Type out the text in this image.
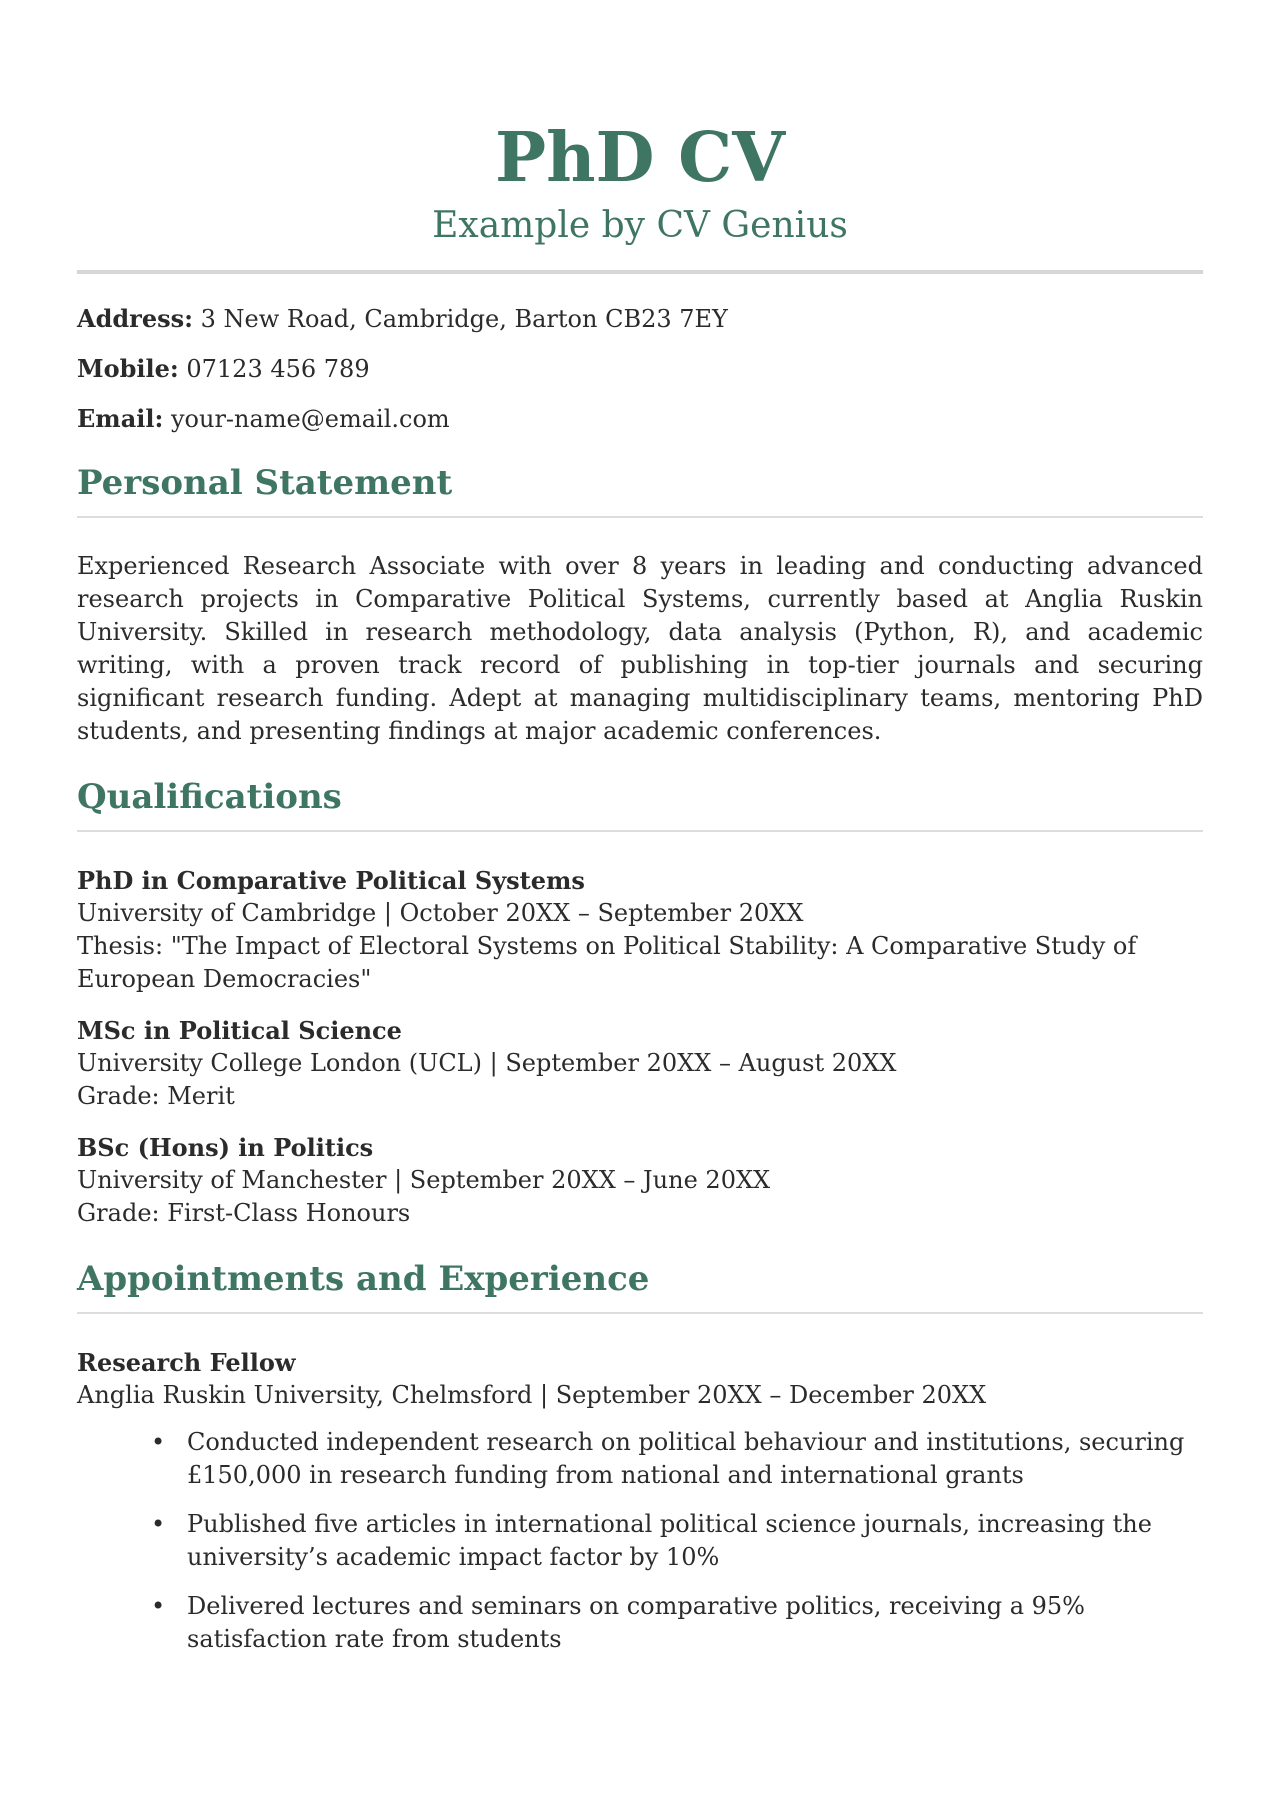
PhD CV
Example by CV Genius

Address: 3 New Road, Cambridge, Barton CB23 7EY

Mobile: 07123 456 789

Email: your-name@email.com

Personal Statement

Experienced Research Associate with over 8 years in leading and conducting advanced research projects in Comparative Political Systems, currently based at Anglia Ruskin University. Skilled in research methodology, data analysis (Python, R), and academic writing, with a proven track record of publishing in top-tier journals and securing significant research funding. Adept at managing multidisciplinary teams, mentoring PhD students, and presenting findings at major academic conferences.

Qualifications
PhD in Comparative Political Systems
University of Cambridge | October 20XX – September 20XX
Thesis: "The Impact of Electoral Systems on Political Stability: A Comparative Study of European Democracies"
MSc in Political Science
University College London (UCL) | September 20XX – August 20XX
Grade: Merit
BSc (Hons) in Politics
University of Manchester | September 20XX – June 20XX
Grade: First-Class Honours
Appointments and Experience
Research Fellow
Anglia Ruskin University, Chelmsford | September 20XX – December 20XX
• Conducted independent research on political behaviour and institutions, securing £150,000 in research funding from national and international grants
• Published five articles in international political science journals, increasing the university’s academic impact factor by 10%
• Delivered lectures and seminars on comparative politics, receiving a 95% satisfaction rate from students
